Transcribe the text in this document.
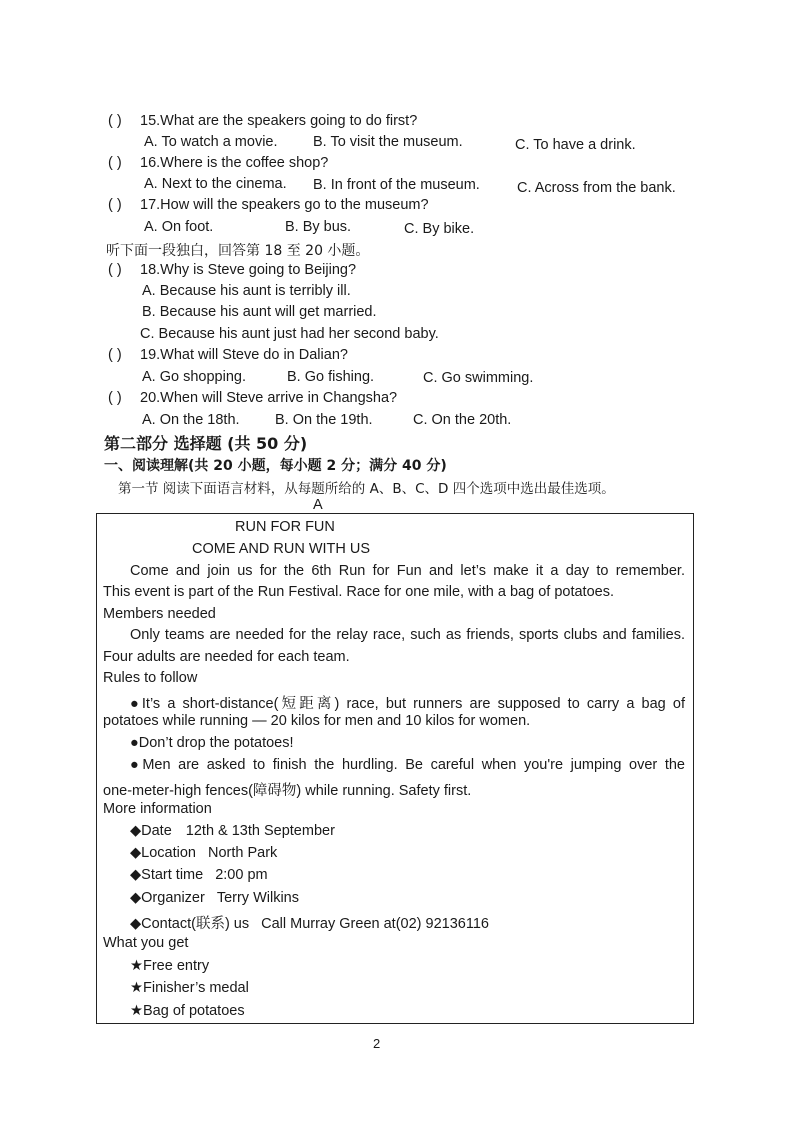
( ) 15.What are the speakers going to do first?
A. To watch a movie. B. To visit the museum.	C. To have a drink.
( ) 16.Where is the coffee shop?
A. Next to the cinema. B. In front of the museum.	C. Across from the bank.
( ) 17.How will the speakers go to the museum?
A. On foot.	B. By bus.	C. By bike.
听下面一段独白，回答第 18 至 20 小题。
( ) 18.Why is Steve going to Beijing?
A. Because his aunt is terribly ill.
B. Because his aunt will get married.
C. Because his aunt just had her second baby.
( ) 19.What will Steve do in Dalian?
A. Go shopping.	B. Go fishing.	C. Go swimming.
( ) 20.When will Steve arrive in Changsha?
A. On the 18th. B. On the 19th.	C. On the 20th.
第二部分 选择题 (共 50 分)
一、阅读理解(共 20 小题，每小题 2 分；满分 40 分)
第一节 阅读下面语言材料，从每题所给的 A、B、C、D 四个选项中选出最佳选项。
A
RUN FOR FUN
COME AND RUN WITH US
Come and join us for the 6th Run for Fun and let’s make it a day to remember.
This event is part of the Run Festival. Race for one mile, with a bag of potatoes.
Members needed
Only teams are needed for the relay race, such as friends, sports clubs and families.
Four adults are needed for each team.
Rules to follow
●It’s a short-distance(短距离) race, but runners are supposed to carry a bag of
potatoes while running — 20 kilos for men and 10 kilos for women.
●Don’t drop the potatoes!
●Men are asked to finish the hurdling. Be careful when you're jumping over the
one-meter-high fences(障碍物) while running. Safety first.
More information
◆Date 12th & 13th September
◆Location North Park
◆Start time 2:00 pm
◆Organizer Terry Wilkins
◆Contact(联系) us Call Murray Green at(02) 92136116
What you get
★Free entry
★Finisher’s medal
★Bag of potatoes
2
